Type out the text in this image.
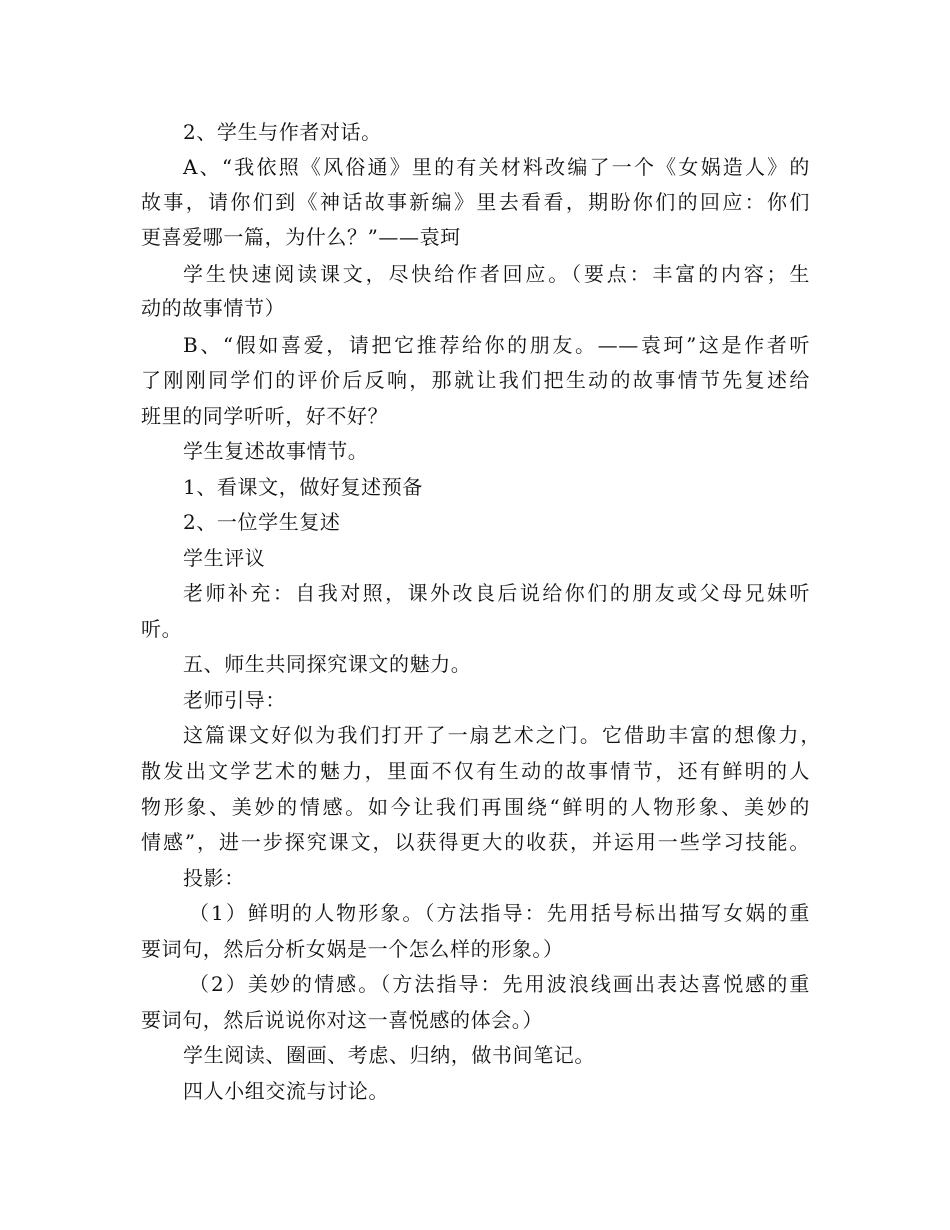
2、学生与作者对话。
A、“我依照《风俗通》里的有关材料改编了一个《女娲造人》的
故事，请你们到《神话故事新编》里去看看，期盼你们的回应：你们
更喜爱哪一篇，为什么？”——袁珂
学生快速阅读课文，尽快给作者回应。（要点：丰富的内容；生
动的故事情节）
B、“假如喜爱，请把它推荐给你的朋友。——袁珂”这是作者听
了刚刚同学们的评价后反响，那就让我们把生动的故事情节先复述给
班里的同学听听，好不好？
学生复述故事情节。
1、看课文，做好复述预备
2、一位学生复述
学生评议
老师补充：自我对照，课外改良后说给你们的朋友或父母兄妹听
听。
五、师生共同探究课文的魅力。
老师引导：
这篇课文好似为我们打开了一扇艺术之门。它借助丰富的想像力，
散发出文学艺术的魅力，里面不仅有生动的故事情节，还有鲜明的人
物形象、美妙的情感。如今让我们再围绕“鲜明的人物形象、美妙的
情感”，进一步探究课文，以获得更大的收获，并运用一些学习技能。
投影：
（1）鲜明的人物形象。（方法指导：先用括号标出描写女娲的重
要词句，然后分析女娲是一个怎么样的形象。）
（2）美妙的情感。（方法指导：先用波浪线画出表达喜悦感的重
要词句，然后说说你对这一喜悦感的体会。）
学生阅读、圈画、考虑、归纳，做书间笔记。
四人小组交流与讨论。
